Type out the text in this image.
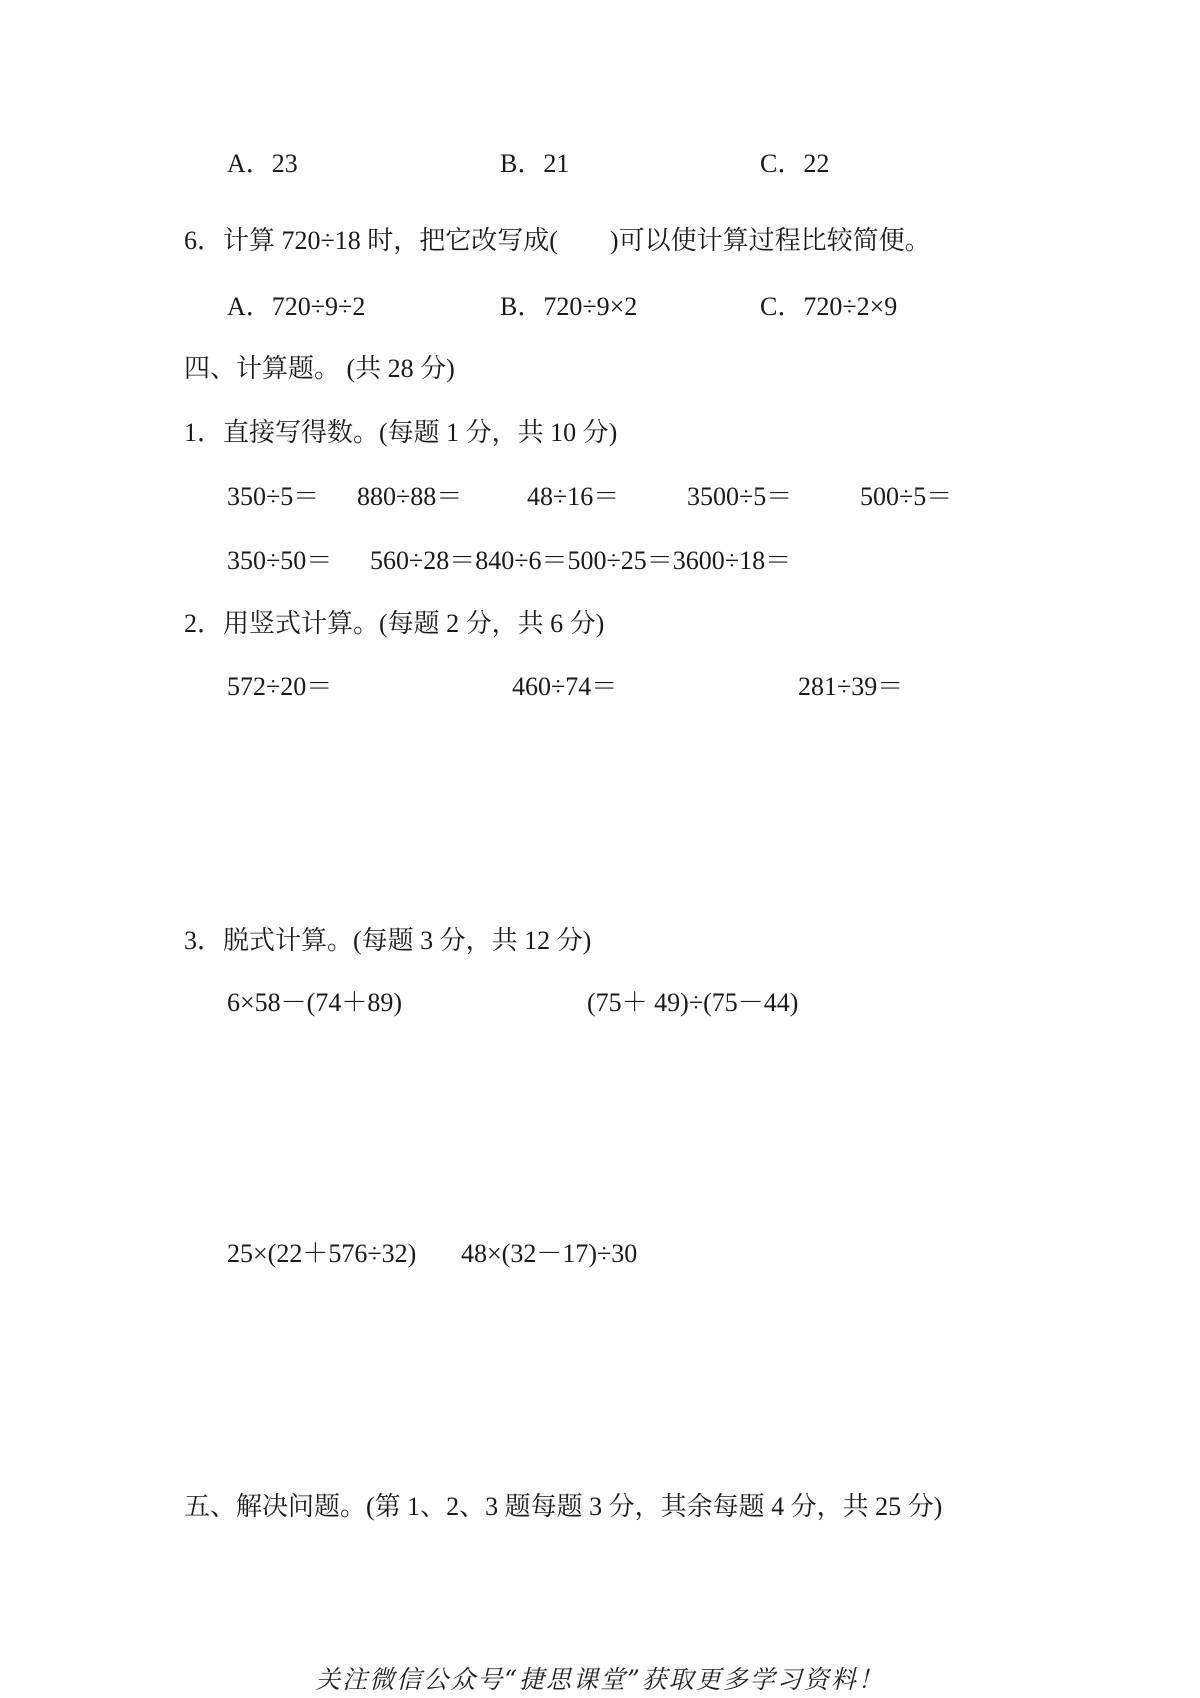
A．23	B．21	C．22
6．计算 720÷18 时，把它改写成(　　)可以使计算过程比较简便。
A．720÷9÷2	B．720÷9×2	C．720÷2×9
四、计算题。 (共 28 分)
1．直接写得数。(每题 1 分，共 10 分)
350÷5＝ 880÷88＝ 48÷16＝	3500÷5＝	500÷5＝
350÷50＝ 560÷28＝840÷6＝500÷25＝3600÷18＝
2．用竖式计算。(每题 2 分，共 6 分)
572÷20＝	460÷74＝	281÷39＝
3．脱式计算。(每题 3 分，共 12 分)
6×58－(74＋89)	(75＋ 49)÷(75－44)
25×(22＋576÷32) 48×(32－17)÷30
五、解决问题。(第 1、2、3 题每题 3 分，其余每题 4 分，共 25 分)
关注微信公众号“捷思课堂”获取更多学习资料！
